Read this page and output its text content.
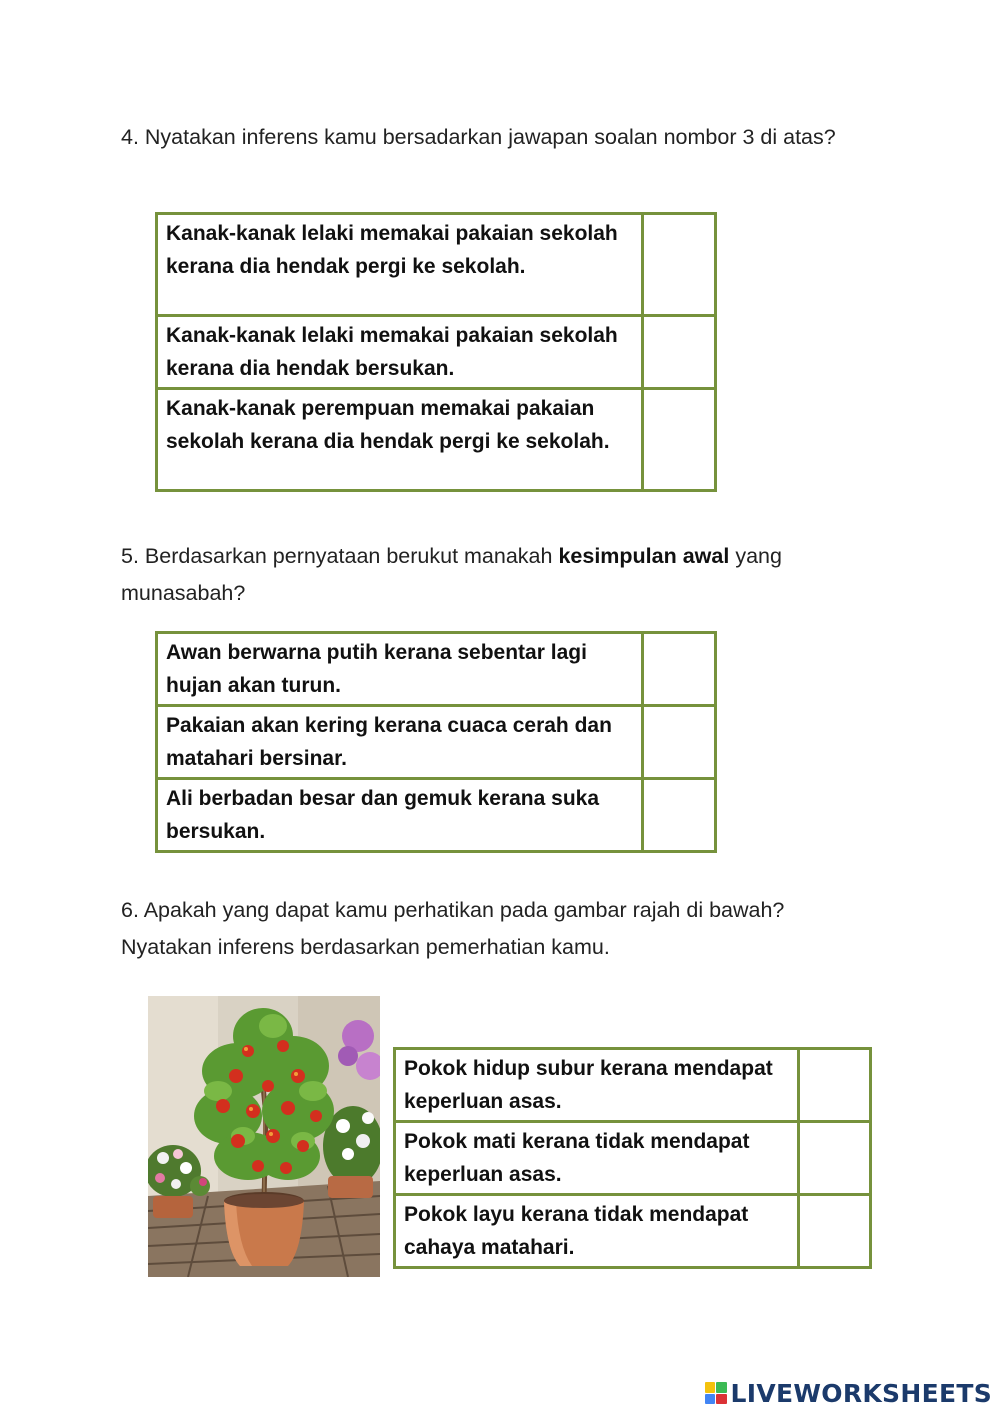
4. Nyatakan inferens kamu bersadarkan jawapan soalan nombor 3 di atas?
Kanak-kanak lelaki memakai pakaian sekolah kerana dia hendak pergi ke sekolah.	

Kanak-kanak lelaki memakai pakaian sekolah kerana dia hendak bersukan.	

Kanak-kanak perempuan memakai pakaian sekolah kerana dia hendak pergi ke sekolah.	
5. Berdasarkan pernyataan berukut manakah kesimpulan awal yang munasabah?
Awan berwarna putih kerana sebentar lagi hujan akan turun.	

Pakaian akan kering kerana cuaca cerah dan matahari bersinar.	

Ali berbadan besar dan gemuk kerana suka bersukan.	
6. Apakah yang dapat kamu perhatikan pada gambar rajah di bawah?
Nyatakan inferens berdasarkan pemerhatian kamu.
Pokok hidup subur kerana mendapat keperluan asas.	

Pokok mati kerana tidak mendapat keperluan asas.	

Pokok layu kerana tidak mendapat cahaya matahari.	
LIVEWORKSHEETS
